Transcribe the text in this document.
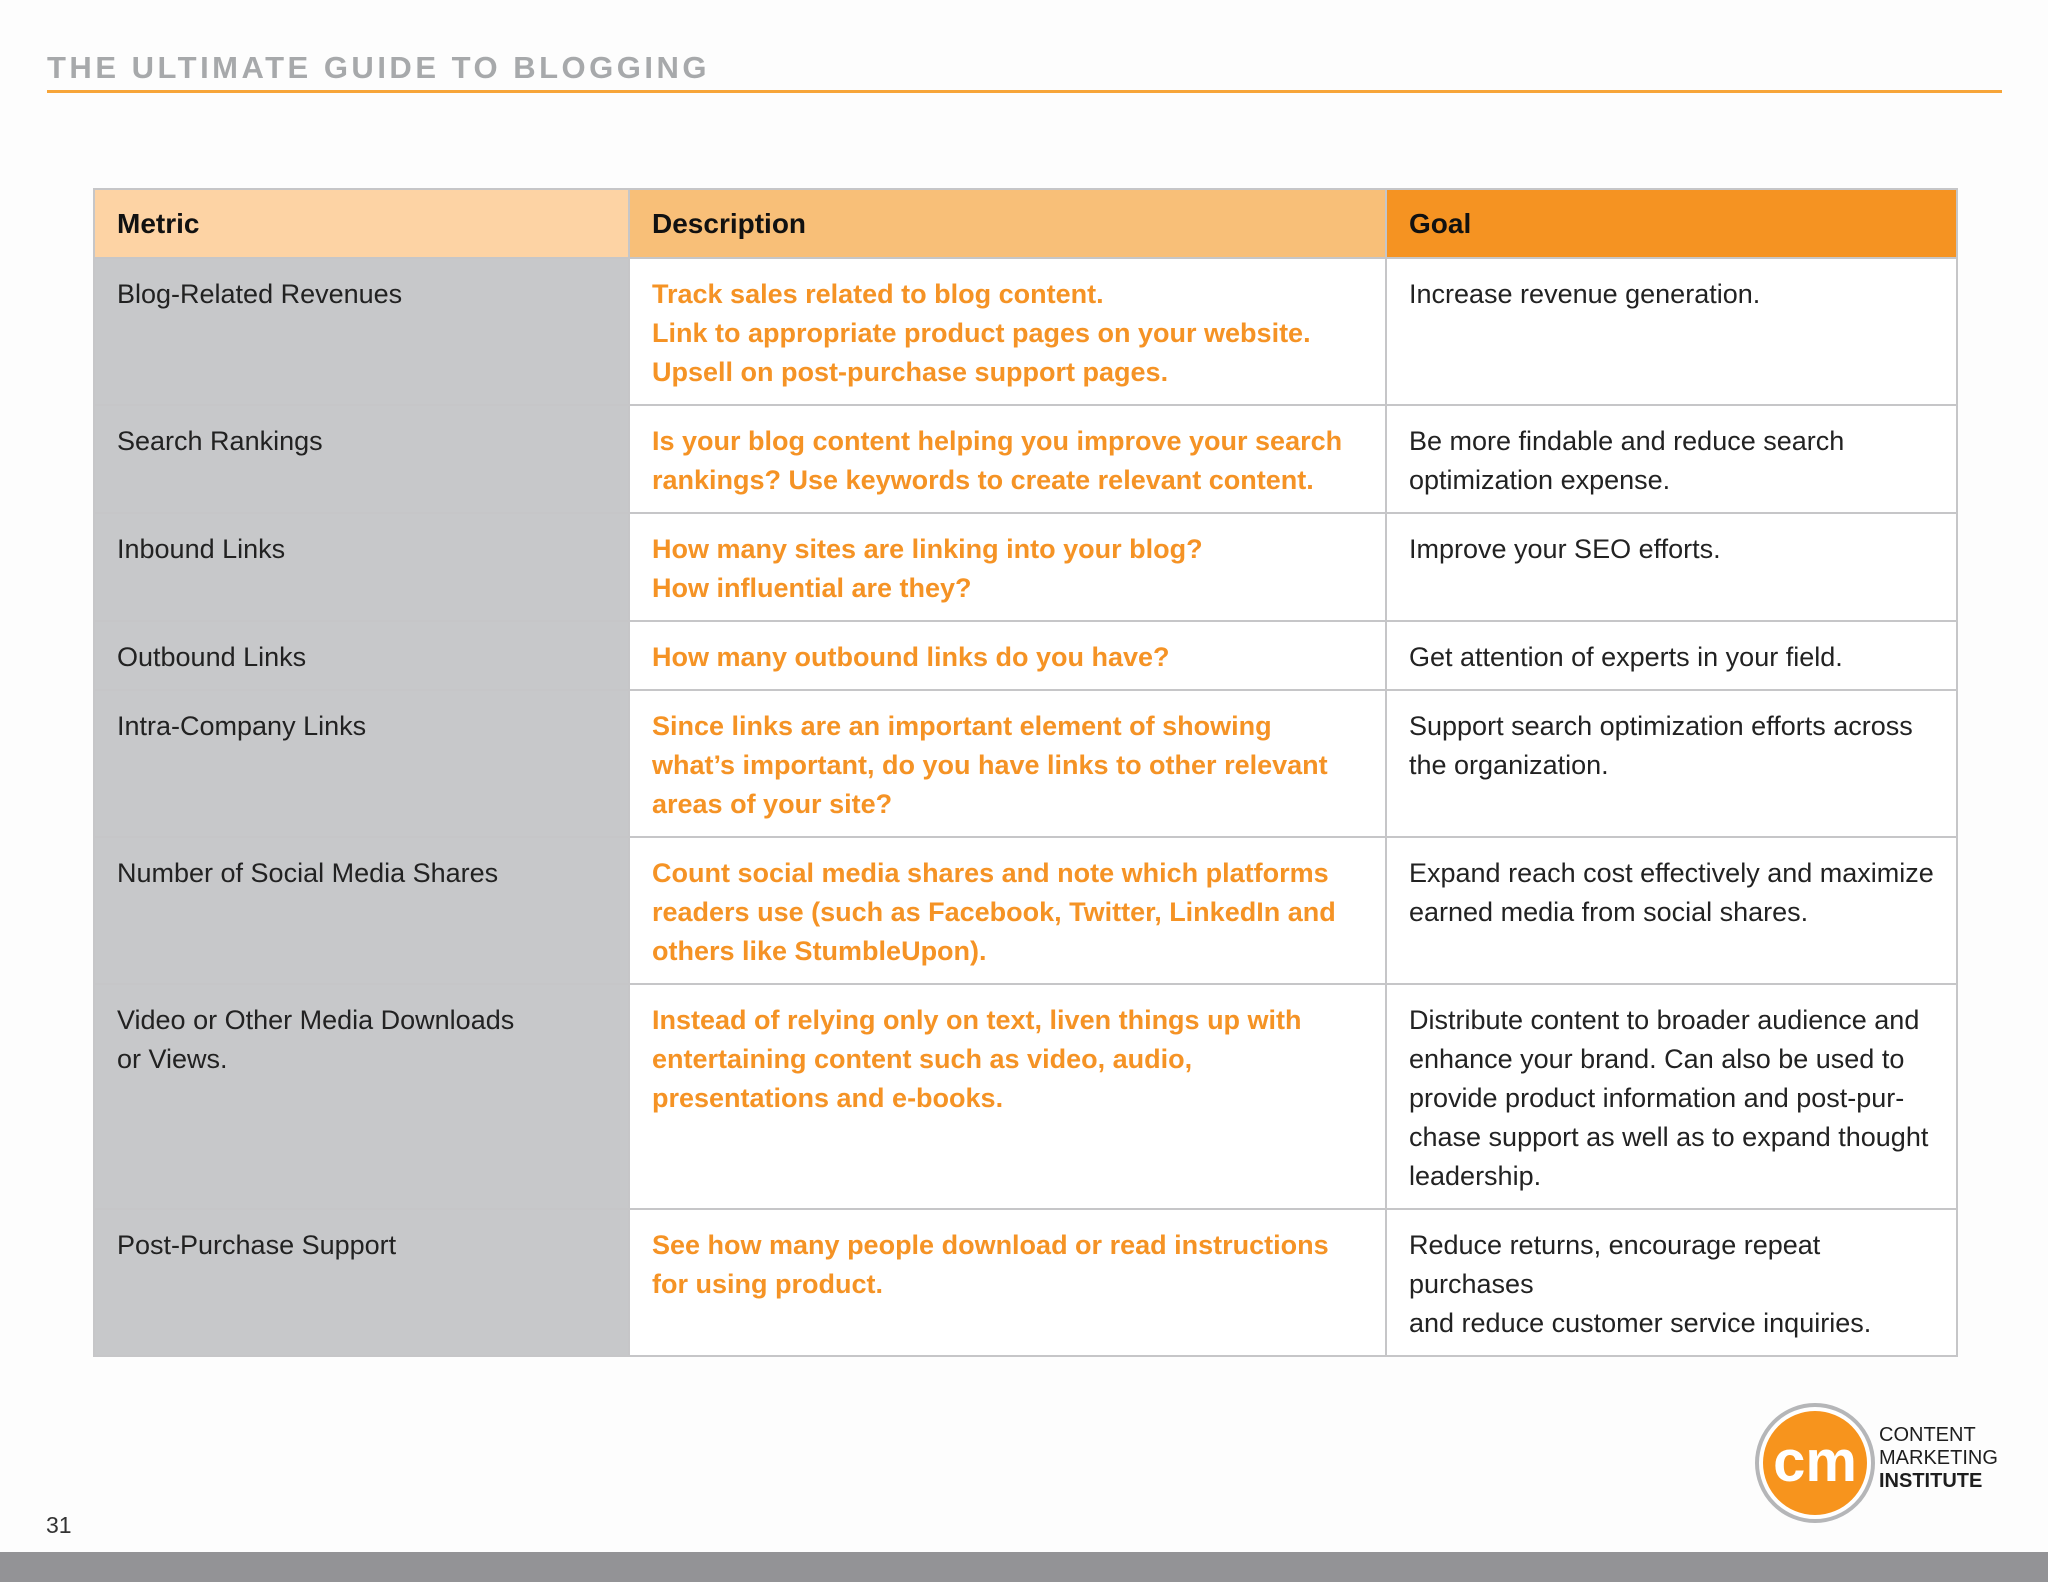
THE ULTIMATE GUIDE TO BLOGGING
Metric	Description	Goal

Blog-Related Revenues	Track sales related to blog content.
Link to appropriate product pages on your website.
Upsell on post-purchase support pages.	Increase revenue generation.

Search Rankings	Is your blog content helping you improve your search
rankings? Use keywords to create relevant content.	Be more findable and reduce search
optimization expense.

Inbound Links	How many sites are linking into your blog?
How influential are they?	Improve your SEO efforts.

Outbound Links	How many outbound links do you have?	Get attention of experts in your field.

Intra-Company Links	Since links are an important element of showing
what’s important, do you have links to other relevant
areas of your site?	Support search optimization efforts across
the organization.

Number of Social Media Shares	Count social media shares and note which platforms
readers use (such as Facebook, Twitter, LinkedIn and
others like StumbleUpon).	Expand reach cost effectively and maximize
earned media from social shares.

Video or Other Media Downloads
or Views.	Instead of relying only on text, liven things up with
entertaining content such as video, audio,
presentations and e-books.	Distribute content to broader audience and
enhance your brand. Can also be used to
provide product information and post-pur-
chase support as well as to expand thought
leadership.

Post-Purchase Support	See how many people download or read instructions
for using product.	Reduce returns, encourage repeat purchases
and reduce customer service inquiries.
cm CONTENT
MARKETING
INSTITUTE
31
